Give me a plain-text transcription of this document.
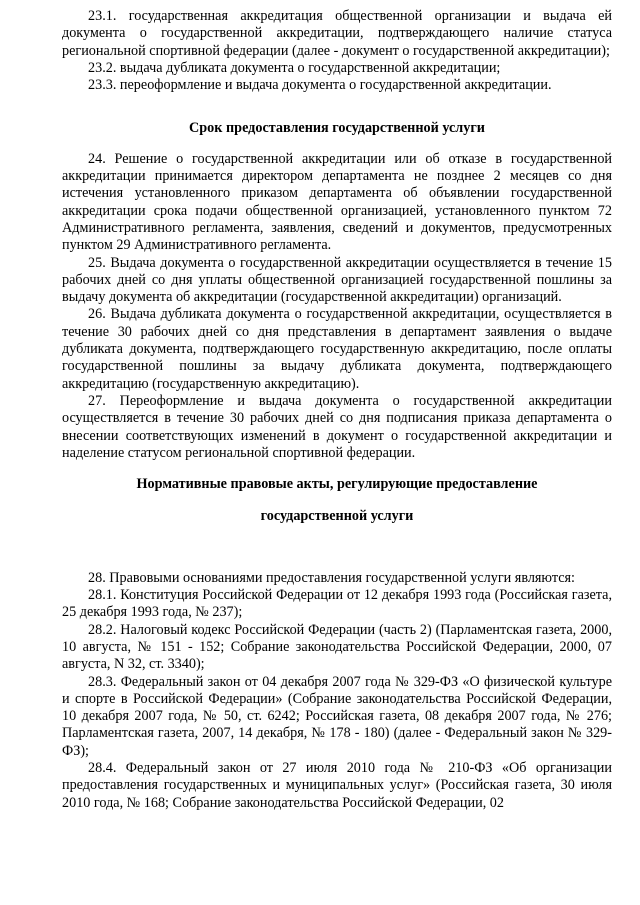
23.1. государственная аккредитация общественной организации и выдача ей документа о государственной аккредитации, подтверждающего наличие статуса региональной спортивной федерации (далее - документ о государственной аккредитации);

23.2. выдача дубликата документа о государственной аккредитации;

23.3. переоформление и выдача документа о государственной аккредитации.

Срок предоставления государственной услуги

24. Решение о государственной аккредитации или об отказе в государственной аккредитации принимается директором департамента не позднее 2 месяцев со дня истечения установленного приказом департамента об объявлении государственной аккредитации срока подачи общественной организацией, установленного пунктом 72 Административного регламента, заявления, сведений и документов, предусмотренных пунктом 29 Административного регламента.

25. Выдача документа о государственной аккредитации осуществляется в течение 15 рабочих дней со дня уплаты общественной организацией государственной пошлины за выдачу документа об аккредитации (государственной аккредитации) организаций.

26. Выдача дубликата документа о государственной аккредитации, осуществляется в течение 30 рабочих дней со дня представления в департамент заявления о выдаче дубликата документа, подтверждающего государственную аккредитацию, после оплаты государственной пошлины за выдачу дубликата документа, подтверждающего аккредитацию (государственную аккредитацию).

27. Переоформление и выдача документа о государственной аккредитации осуществляется в течение 30 рабочих дней со дня подписания приказа департамента о внесении соответствующих изменений в документ о государственной аккредитации и наделение статусом региональной спортивной федерации.

Нормативные правовые акты, регулирующие предоставление

государственной услуги

28. Правовыми основаниями предоставления государственной услуги являются:

28.1. Конституция Российской Федерации от 12 декабря 1993 года (Российская газета, 25 декабря 1993 года, № 237);

28.2. Налоговый кодекс Российской Федерации (часть 2) (Парламентская газета, 2000, 10 августа, № 151 - 152; Собрание законодательства Российской Федерации, 2000, 07 августа, N 32, ст. 3340);

28.3. Федеральный закон от 04 декабря 2007 года № 329-ФЗ «О физической культуре и спорте в Российской Федерации» (Собрание законодательства Российской Федерации, 10 декабря 2007 года, № 50, ст. 6242; Российская газета, 08 декабря 2007 года, № 276; Парламентская газета, 2007, 14 декабря, № 178 - 180) (далее - Федеральный закон № 329-ФЗ);

28.4. Федеральный закон от 27 июля 2010 года № 210-ФЗ «Об организации предоставления государственных и муниципальных услуг» (Российская газета, 30 июля 2010 года, № 168; Собрание законодательства Российской Федерации, 02
